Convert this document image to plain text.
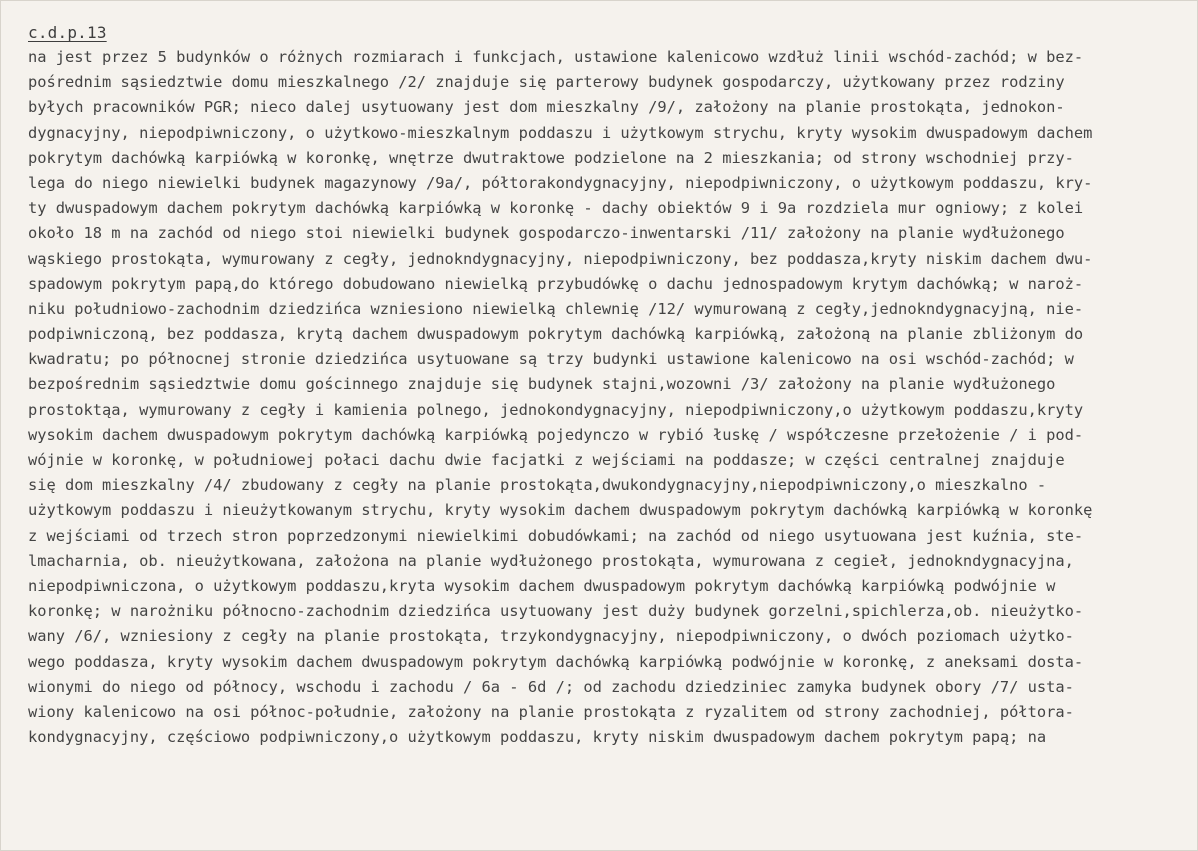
c.d.p.13
na jest przez 5 budynków o różnych rozmiarach i funkcjach, ustawione kalenicowo wzdłuż linii wschód-zachód; w bez-
pośrednim sąsiedztwie domu mieszkalnego /2/ znajduje się parterowy budynek gospodarczy, użytkowany przez rodziny
byłych pracowników PGR; nieco dalej usytuowany jest dom mieszkalny /9/, założony na planie prostokąta, jednokon-
dygnacyjny, niepodpiwniczony, o użytkowo-mieszkalnym poddaszu i użytkowym strychu, kryty wysokim dwuspadowym dachem
pokrytym dachówką karpiówką w koronkę, wnętrze dwutraktowe podzielone na 2 mieszkania; od strony wschodniej przy-
lega do niego niewielki budynek magazynowy /9a/, półtorakondygnacyjny, niepodpiwniczony, o użytkowym poddaszu, kry-
ty dwuspadowym dachem pokrytym dachówką karpiówką w koronkę - dachy obiektów 9 i 9a rozdziela mur ogniowy; z kolei
około 18 m na zachód od niego stoi niewielki budynek gospodarczo-inwentarski /11/ założony na planie wydłużonego
wąskiego prostokąta, wymurowany z cegły, jednokndygnacyjny, niepodpiwniczony, bez poddasza,kryty niskim dachem dwu-
spadowym pokrytym papą,do którego dobudowano niewielką przybudówkę o dachu jednospadowym krytym dachówką; w naroż-
niku południowo-zachodnim dziedzińca wzniesiono niewielką chlewnię /12/ wymurowaną z cegły,jednokndygnacyjną, nie-
podpiwniczoną, bez poddasza, krytą dachem dwuspadowym pokrytym dachówką karpiówką, założoną na planie zbliżonym do
kwadratu; po północnej stronie dziedzińca usytuowane są trzy budynki ustawione kalenicowo na osi wschód-zachód; w
bezpośrednim sąsiedztwie domu gościnnego znajduje się budynek stajni,wozowni /3/ założony na planie wydłużonego
prostoktąa, wymurowany z cegły i kamienia polnego, jednokondygnacyjny, niepodpiwniczony,o użytkowym poddaszu,kryty
wysokim dachem dwuspadowym pokrytym dachówką karpiówką pojedynczo w rybió łuskę / współczesne przełożenie / i pod-
wójnie w koronkę, w południowej połaci dachu dwie facjatki z wejściami na poddasze; w części centralnej znajduje
się dom mieszkalny /4/ zbudowany z cegły na planie prostokąta,dwukondygnacyjny,niepodpiwniczony,o mieszkalno -
użytkowym poddaszu i nieużytkowanym strychu, kryty wysokim dachem dwuspadowym pokrytym dachówką karpiówką w koronkę
z wejściami od trzech stron poprzedzonymi niewielkimi dobudówkami; na zachód od niego usytuowana jest kuźnia, ste-
lmacharnia, ob. nieużytkowana, założona na planie wydłużonego prostokąta, wymurowana z cegieł, jednokndygnacyjna,
niepodpiwniczona, o użytkowym poddaszu,kryta wysokim dachem dwuspadowym pokrytym dachówką karpiówką podwójnie w
koronkę; w narożniku północno-zachodnim dziedzińca usytuowany jest duży budynek gorzelni,spichlerza,ob. nieużytko-
wany /6/, wzniesiony z cegły na planie prostokąta, trzykondygnacyjny, niepodpiwniczony, o dwóch poziomach użytko-
wego poddasza, kryty wysokim dachem dwuspadowym pokrytym dachówką karpiówką podwójnie w koronkę, z aneksami dosta-
wionymi do niego od północy, wschodu i zachodu / 6a - 6d /; od zachodu dziedziniec zamyka budynek obory /7/ usta-
wiony kalenicowo na osi północ-południe, założony na planie prostokąta z ryzalitem od strony zachodniej, półtora-
kondygnacyjny, częściowo podpiwniczony,o użytkowym poddaszu, kryty niskim dwuspadowym dachem pokrytym papą; na
